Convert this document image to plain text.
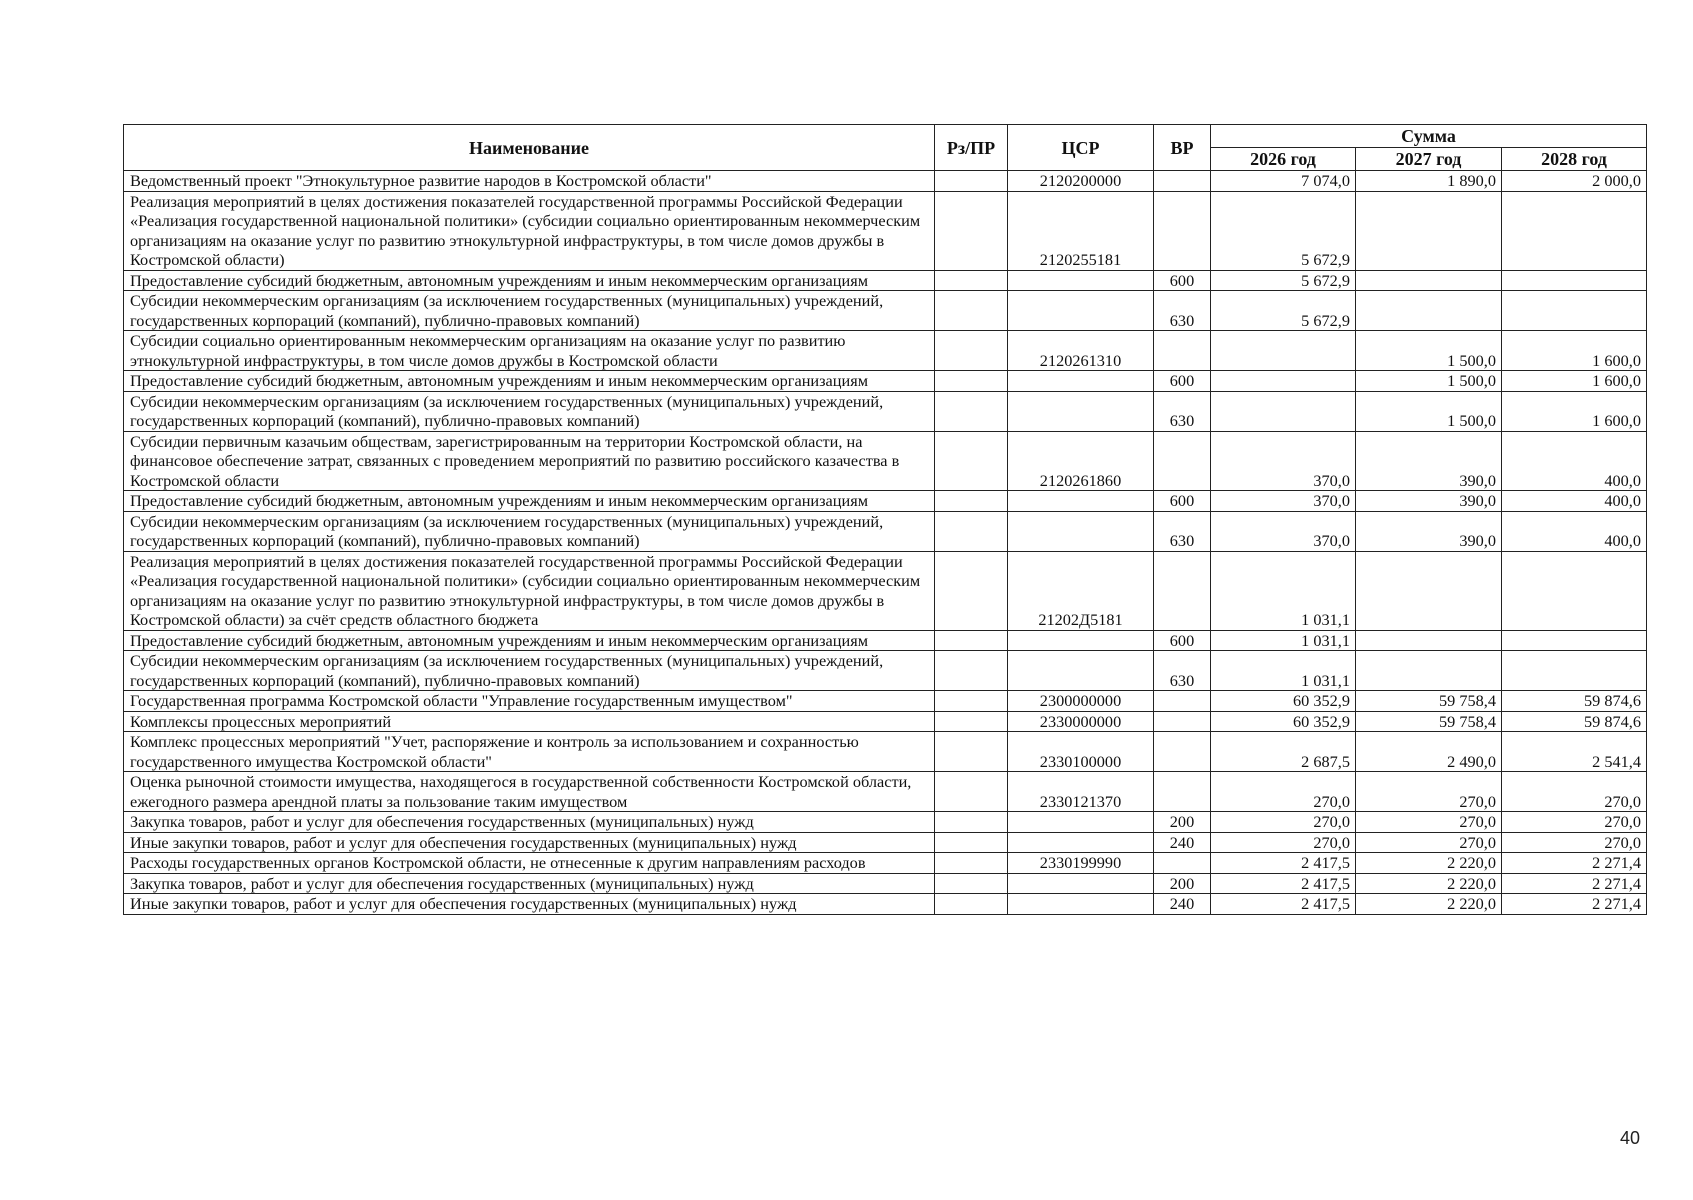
Наименование	Рз/ПР	ЦСР	ВР	Сумма		
				2026 год	2027 год	2028 год
Ведомственный проект "Этнокультурное развитие народов в Костромской области"		2120200000		7 074,0	1 890,0	2 000,0
Реализация мероприятий в целях достижения показателей государственной программы Российской Федерации «Реализация государственной национальной политики» (субсидии социально ориентированным некоммерческим организациям на оказание услуг по развитию этнокультурной инфраструктуры, в том числе домов дружбы в Костромской области)		2120255181		5 672,9		
Предоставление субсидий бюджетным, автономным учреждениям и иным некоммерческим организациям			600	5 672,9		
Субсидии некоммерческим организациям (за исключением государственных (муниципальных) учреждений, государственных корпораций (компаний), публично-правовых компаний)			630	5 672,9		
Субсидии социально ориентированным некоммерческим организациям на оказание услуг по развитию этнокультурной инфраструктуры, в том числе домов дружбы в Костромской области		2120261310			1 500,0	1 600,0
Предоставление субсидий бюджетным, автономным учреждениям и иным некоммерческим организациям			600		1 500,0	1 600,0
Субсидии некоммерческим организациям (за исключением государственных (муниципальных) учреждений, государственных корпораций (компаний), публично-правовых компаний)			630		1 500,0	1 600,0
Субсидии первичным казачьим обществам, зарегистрированным на территории Костромской области, на финансовое обеспечение затрат, связанных с проведением мероприятий по развитию российского казачества в Костромской области		2120261860		370,0	390,0	400,0
Предоставление субсидий бюджетным, автономным учреждениям и иным некоммерческим организациям			600	370,0	390,0	400,0
Субсидии некоммерческим организациям (за исключением государственных (муниципальных) учреждений, государственных корпораций (компаний), публично-правовых компаний)			630	370,0	390,0	400,0
Реализация мероприятий в целях достижения показателей государственной программы Российской Федерации «Реализация государственной национальной политики» (субсидии социально ориентированным некоммерческим организациям на оказание услуг по развитию этнокультурной инфраструктуры, в том числе домов дружбы в Костромской области) за счёт средств областного бюджета		21202Д5181		1 031,1		
Предоставление субсидий бюджетным, автономным учреждениям и иным некоммерческим организациям			600	1 031,1		
Субсидии некоммерческим организациям (за исключением государственных (муниципальных) учреждений, государственных корпораций (компаний), публично-правовых компаний)			630	1 031,1		
Государственная программа Костромской области "Управление государственным имуществом"		2300000000		60 352,9	59 758,4	59 874,6
Комплексы процессных мероприятий		2330000000		60 352,9	59 758,4	59 874,6
Комплекс процессных мероприятий "Учет, распоряжение и контроль за использованием и сохранностью государственного имущества Костромской области"		2330100000		2 687,5	2 490,0	2 541,4
Оценка рыночной стоимости имущества, находящегося в государственной собственности Костромской области, ежегодного размера арендной платы за пользование таким имуществом		2330121370		270,0	270,0	270,0
Закупка товаров, работ и услуг для обеспечения государственных (муниципальных) нужд			200	270,0	270,0	270,0
Иные закупки товаров, работ и услуг для обеспечения государственных (муниципальных) нужд			240	270,0	270,0	270,0
Расходы государственных органов Костромской области, не отнесенные к другим направлениям расходов		2330199990		2 417,5	2 220,0	2 271,4
Закупка товаров, работ и услуг для обеспечения государственных (муниципальных) нужд			200	2 417,5	2 220,0	2 271,4
Иные закупки товаров, работ и услуг для обеспечения государственных (муниципальных) нужд			240	2 417,5	2 220,0	2 271,4
40
